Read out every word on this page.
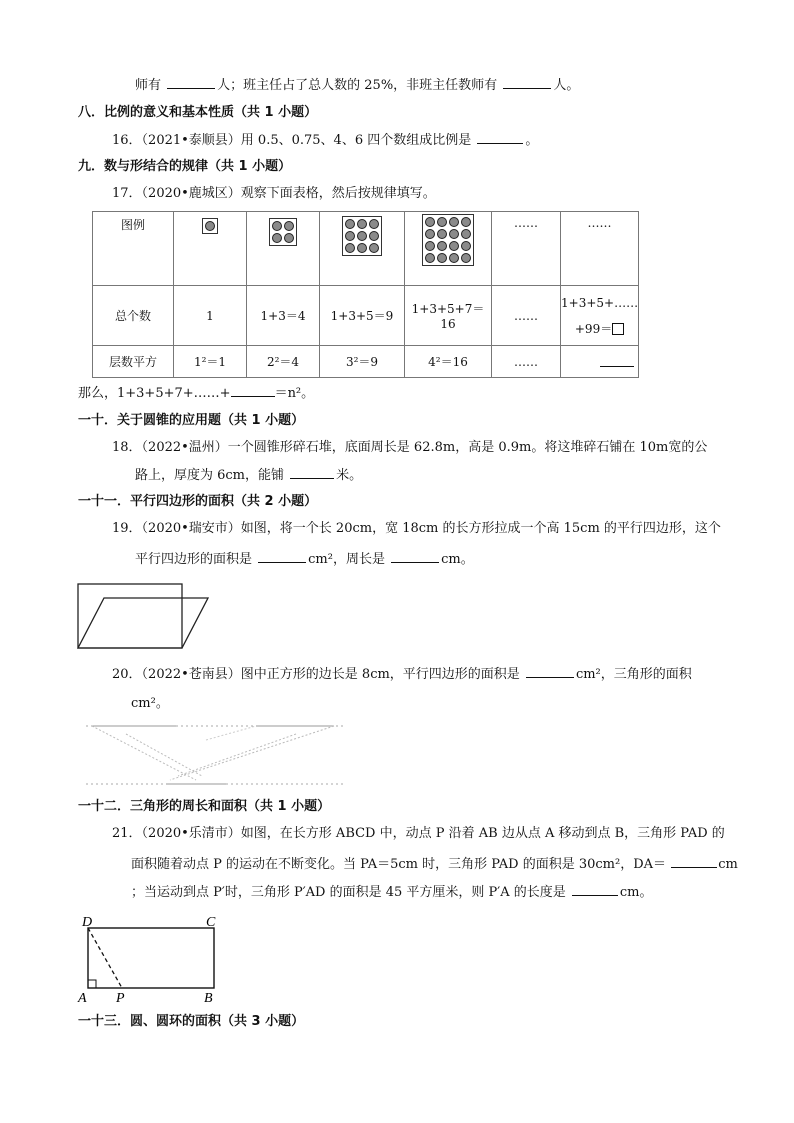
师有	人；班主任占了总人数的 25%，非班主任教师有	人。
八．比例的意义和基本性质（共 1 小题）
16．（2021•泰顺县）用 0.5、0.75、4、6 四个数组成比例是	。
九．数与形结合的规律（共 1 小题）
17．（2020•鹿城区）观察下面表格，然后按规律填写。
图例					……	……
总个数	1	1+3＝4	1+3+5＝9	1+3+5+7＝16	……	1+3+5+……
+99＝

层数平方	1²＝1	2²＝4	3²＝9	4²＝16	……	
那么，1+3+5+7+……+	＝n²。
一十．关于圆锥的应用题（共 1 小题）
18．（2022•温州）一个圆锥形碎石堆，底面周长是 62.8m，高是 0.9m。将这堆碎石铺在 10m宽的公
路上，厚度为 6cm，能铺	米。
一十一．平行四边形的面积（共 2 小题）
19．（2020•瑞安市）如图，将一个长 20cm，宽 18cm 的长方形拉成一个高 15cm 的平行四边形，这个
平行四边形的面积是	cm²，周长是	cm。
20．（2022•苍南县）图中正方形的边长是 8cm，平行四边形的面积是	cm²，三角形的面积
cm²。
一十二．三角形的周长和面积（共 1 小题）
21．（2020•乐清市）如图，在长方形 ABCD 中，动点 P 沿着 AB 边从点 A 移动到点 B，三角形 PAD 的
面积随着动点 P 的运动在不断变化。当 PA＝5cm 时，三角形 PAD 的面积是 30cm²，DA＝	cm
；当运动到点 P′时，三角形 P′AD 的面积是 45 平方厘米，则 P′A 的长度是	cm。
D	C
A P	B
一十三．圆、圆环的面积（共 3 小题）
